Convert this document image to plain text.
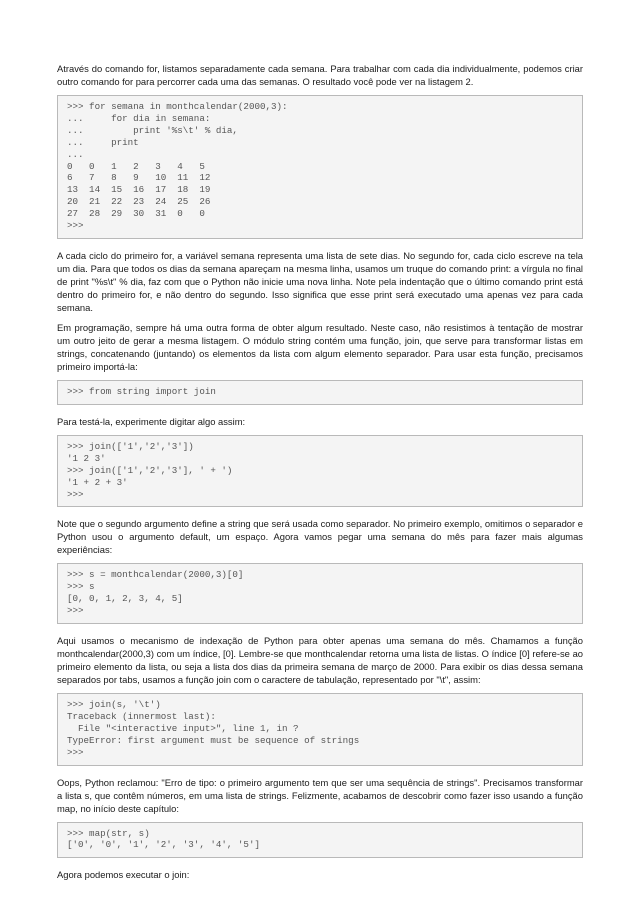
Através do comando for, listamos separadamente cada semana. Para trabalhar com cada dia individualmente, podemos criar outro comando for para percorrer cada uma das semanas. O resultado você pode ver na listagem 2.

>>> for semana in monthcalendar(2000,3):
...     for dia in semana:
...         print '%s\t' % dia,
...     print
...
0   0   1   2   3   4   5
6   7   8   9   10  11  12
13  14  15  16  17  18  19
20  21  22  23  24  25  26
27  28  29  30  31  0   0
>>>

A cada ciclo do primeiro for, a variável semana representa uma lista de sete dias. No segundo for, cada ciclo escreve na tela um dia. Para que todos os dias da semana apareçam na mesma linha, usamos um truque do comando print: a vírgula no final de print "%s\t" % dia, faz com que o Python não inicie uma nova linha. Note pela indentação que o último comando print está dentro do primeiro for, e não dentro do segundo. Isso significa que esse print será executado uma apenas vez para cada semana.

Em programação, sempre há uma outra forma de obter algum resultado. Neste caso, não resistimos à tentação de mostrar um outro jeito de gerar a mesma listagem. O módulo string contém uma função, join, que serve para transformar listas em strings, concatenando (juntando) os elementos da lista com algum elemento separador. Para usar esta função, precisamos primeiro importá-la:

>>> from string import join

Para testá-la, experimente digitar algo assim:

>>> join(['1','2','3'])
'1 2 3'
>>> join(['1','2','3'], ' + ')
'1 + 2 + 3'
>>>

Note que o segundo argumento define a string que será usada como separador. No primeiro exemplo, omitimos o separador e Python usou o argumento default, um espaço. Agora vamos pegar uma semana do mês para fazer mais algumas experiências:

>>> s = monthcalendar(2000,3)[0]
>>> s
[0, 0, 1, 2, 3, 4, 5]
>>>

Aqui usamos o mecanismo de indexação de Python para obter apenas uma semana do mês. Chamamos a função monthcalendar(2000,3) com um índice, [0]. Lembre-se que monthcalendar retorna uma lista de listas. O índice [0] refere-se ao primeiro elemento da lista, ou seja a lista dos dias da primeira semana de março de 2000. Para exibir os dias dessa semana separados por tabs, usamos a função join com o caractere de tabulação, representado por "\t", assim:

>>> join(s, '\t')
Traceback (innermost last):
File "<interactive input>", line 1, in ?
TypeError: first argument must be sequence of strings
>>>

Oops, Python reclamou: "Erro de tipo: o primeiro argumento tem que ser uma sequência de strings". Precisamos transformar a lista s, que contêm números, em uma lista de strings. Felizmente, acabamos de descobrir como fazer isso usando a função map, no início deste capítulo:

>>> map(str, s)
['0', '0', '1', '2', '3', '4', '5']

Agora podemos executar o join:
